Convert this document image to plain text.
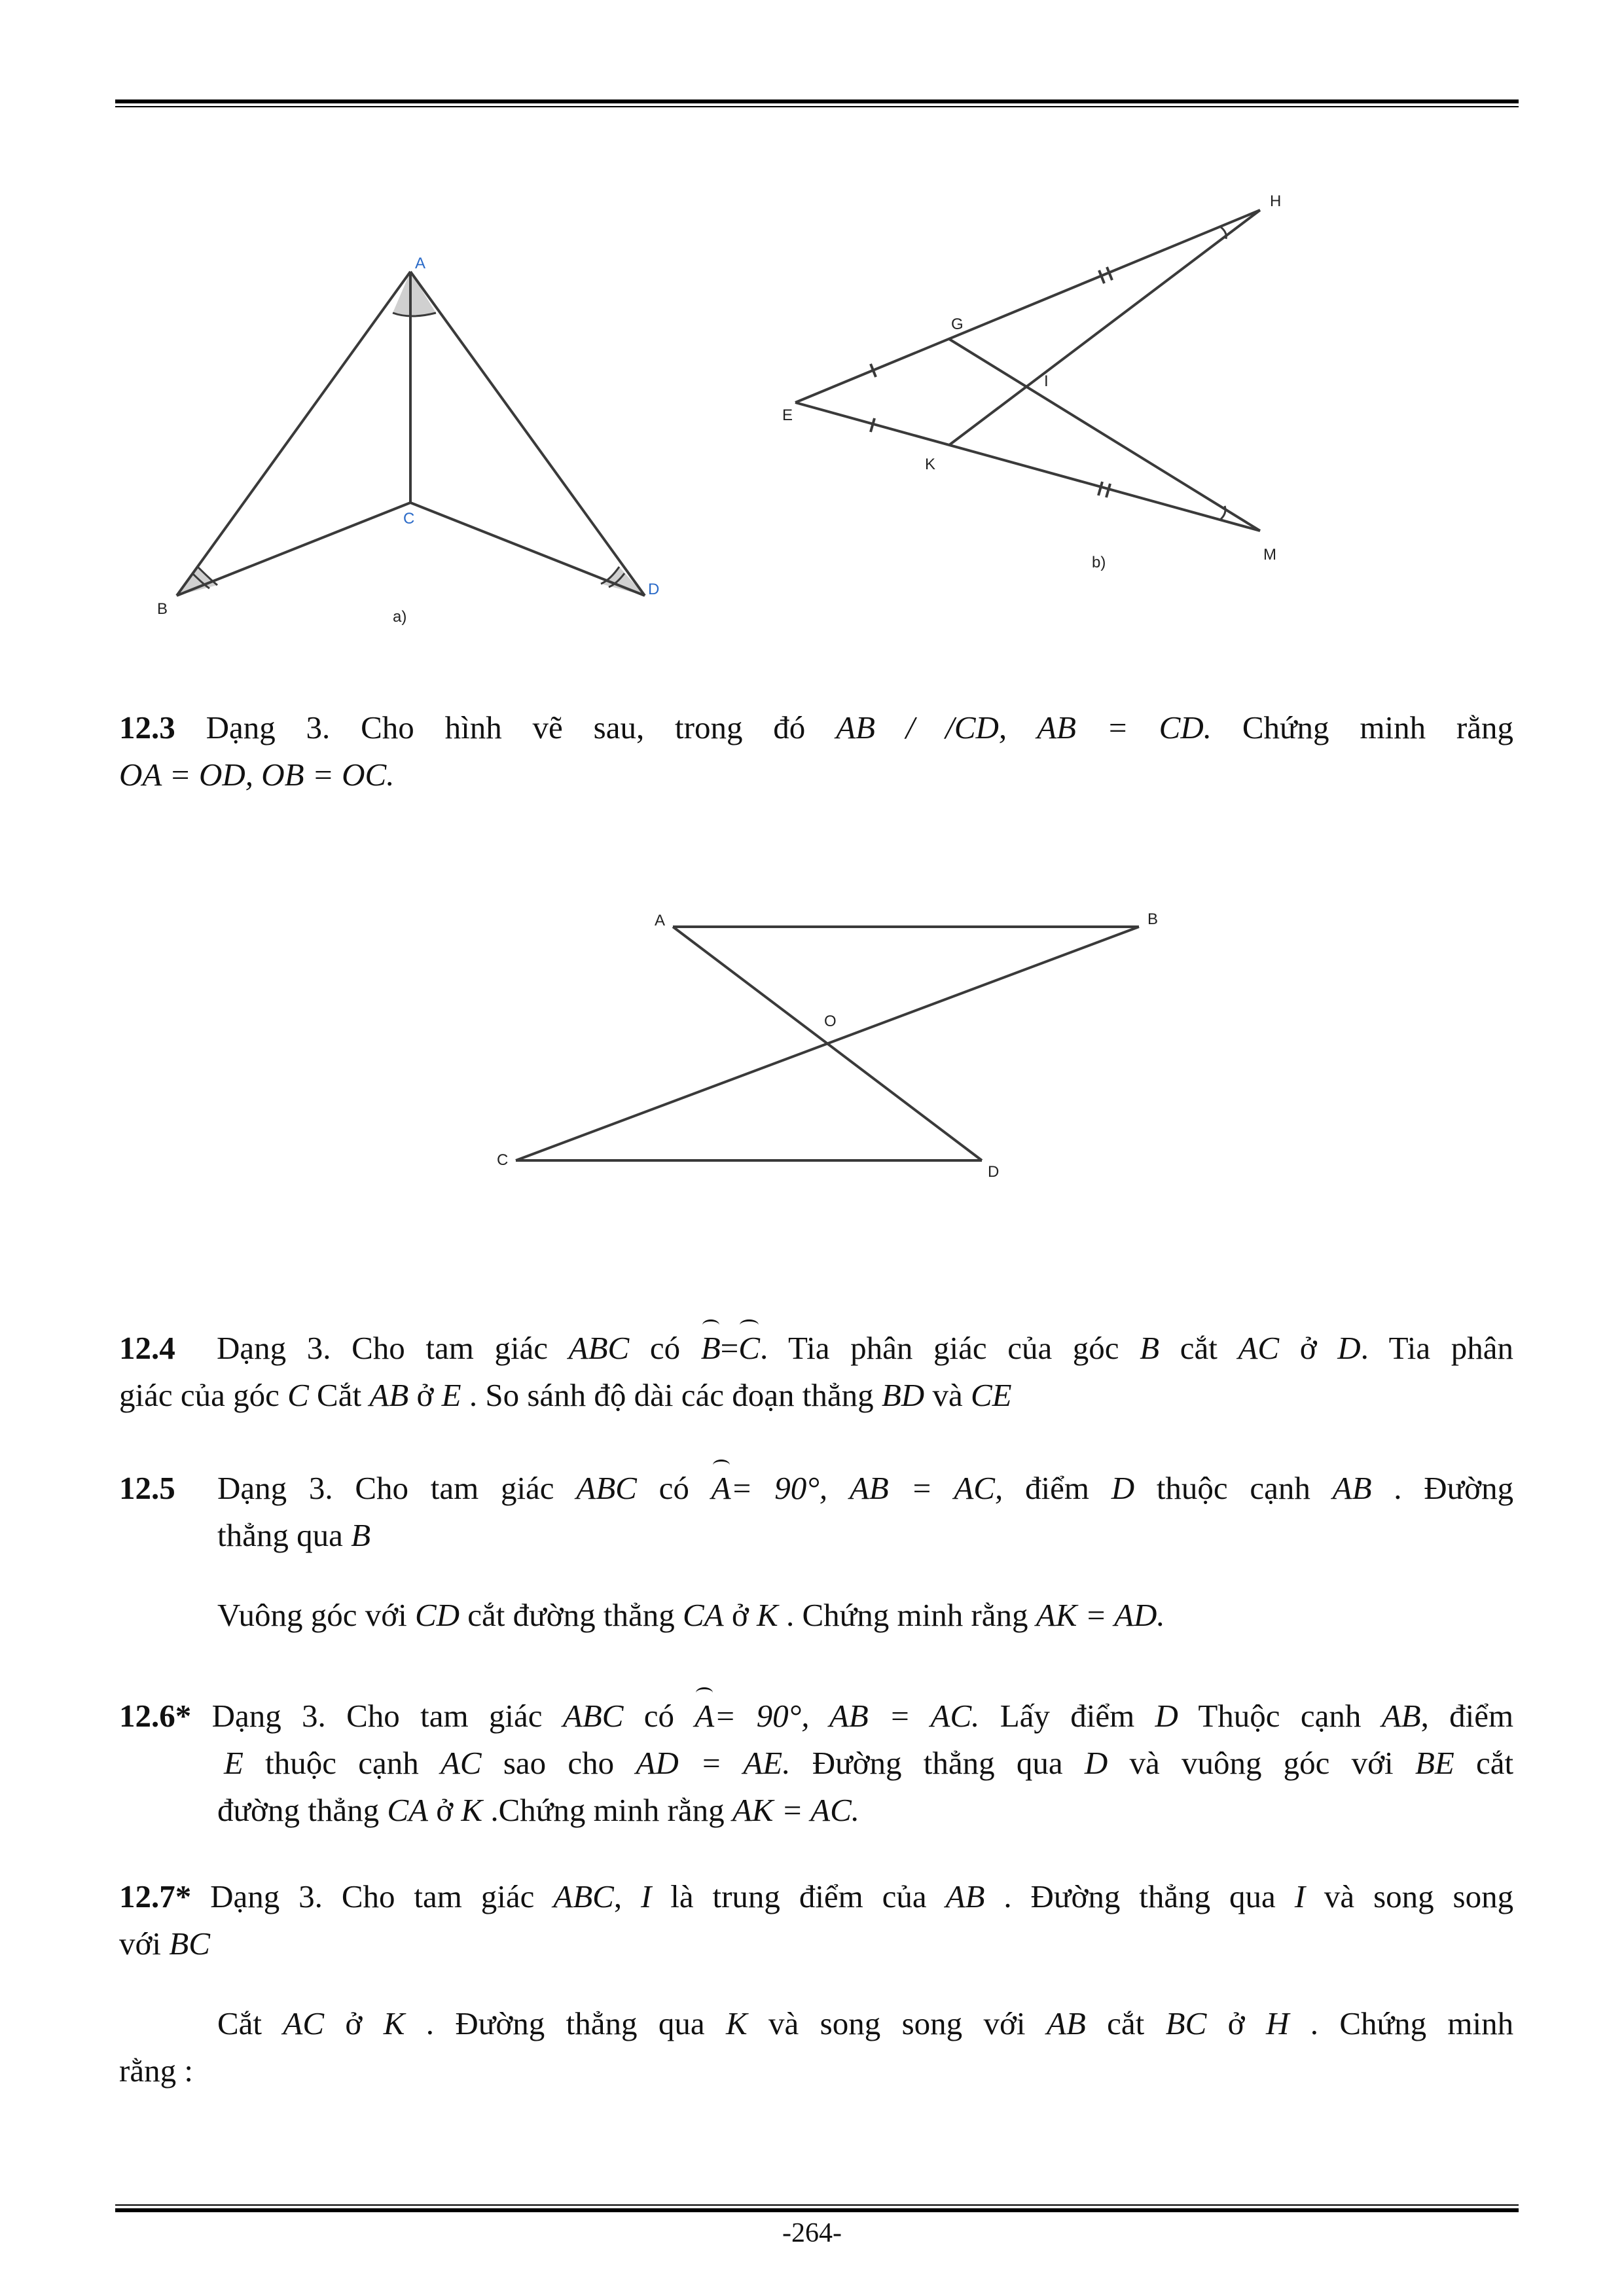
A
B
C
D
a)
H
G
I
E
K
M
b)

12.3 Dạng 3. Cho hình vẽ sau, trong đó AB / /CD, AB = CD. Chứng minh rằng

OA = OD, OB = OC.

A	B
O
C
D

12.4 Dạng 3. Cho tam giác ABC có B=C. Tia phân giác của góc B cắt AC ở D. Tia phân

giác của góc C Cắt AB ở E . So sánh độ dài các đoạn thẳng BD và CE

12.5	Dạng 3. Cho tam giác ABC có A= 90°, AB = AC, điểm D thuộc cạnh AB . Đường

thẳng qua B

Vuông góc với CD cắt đường thẳng CA ở K . Chứng minh rằng AK = AD.

12.6* Dạng 3. Cho tam giác ABC có A= 90°, AB = AC. Lấy điểm D Thuộc cạnh AB, điểm

E thuộc cạnh AC sao cho AD = AE. Đường thẳng qua D và vuông góc với BE cắt

đường thẳng CA ở K .Chứng minh rằng AK = AC.

12.7* Dạng 3. Cho tam giác ABC, I là trung điểm của AB . Đường thẳng qua I và song song

với BC

Cắt AC ở K . Đường thẳng qua K và song song với AB cắt BC ở H . Chứng minh

rằng :

-264-
